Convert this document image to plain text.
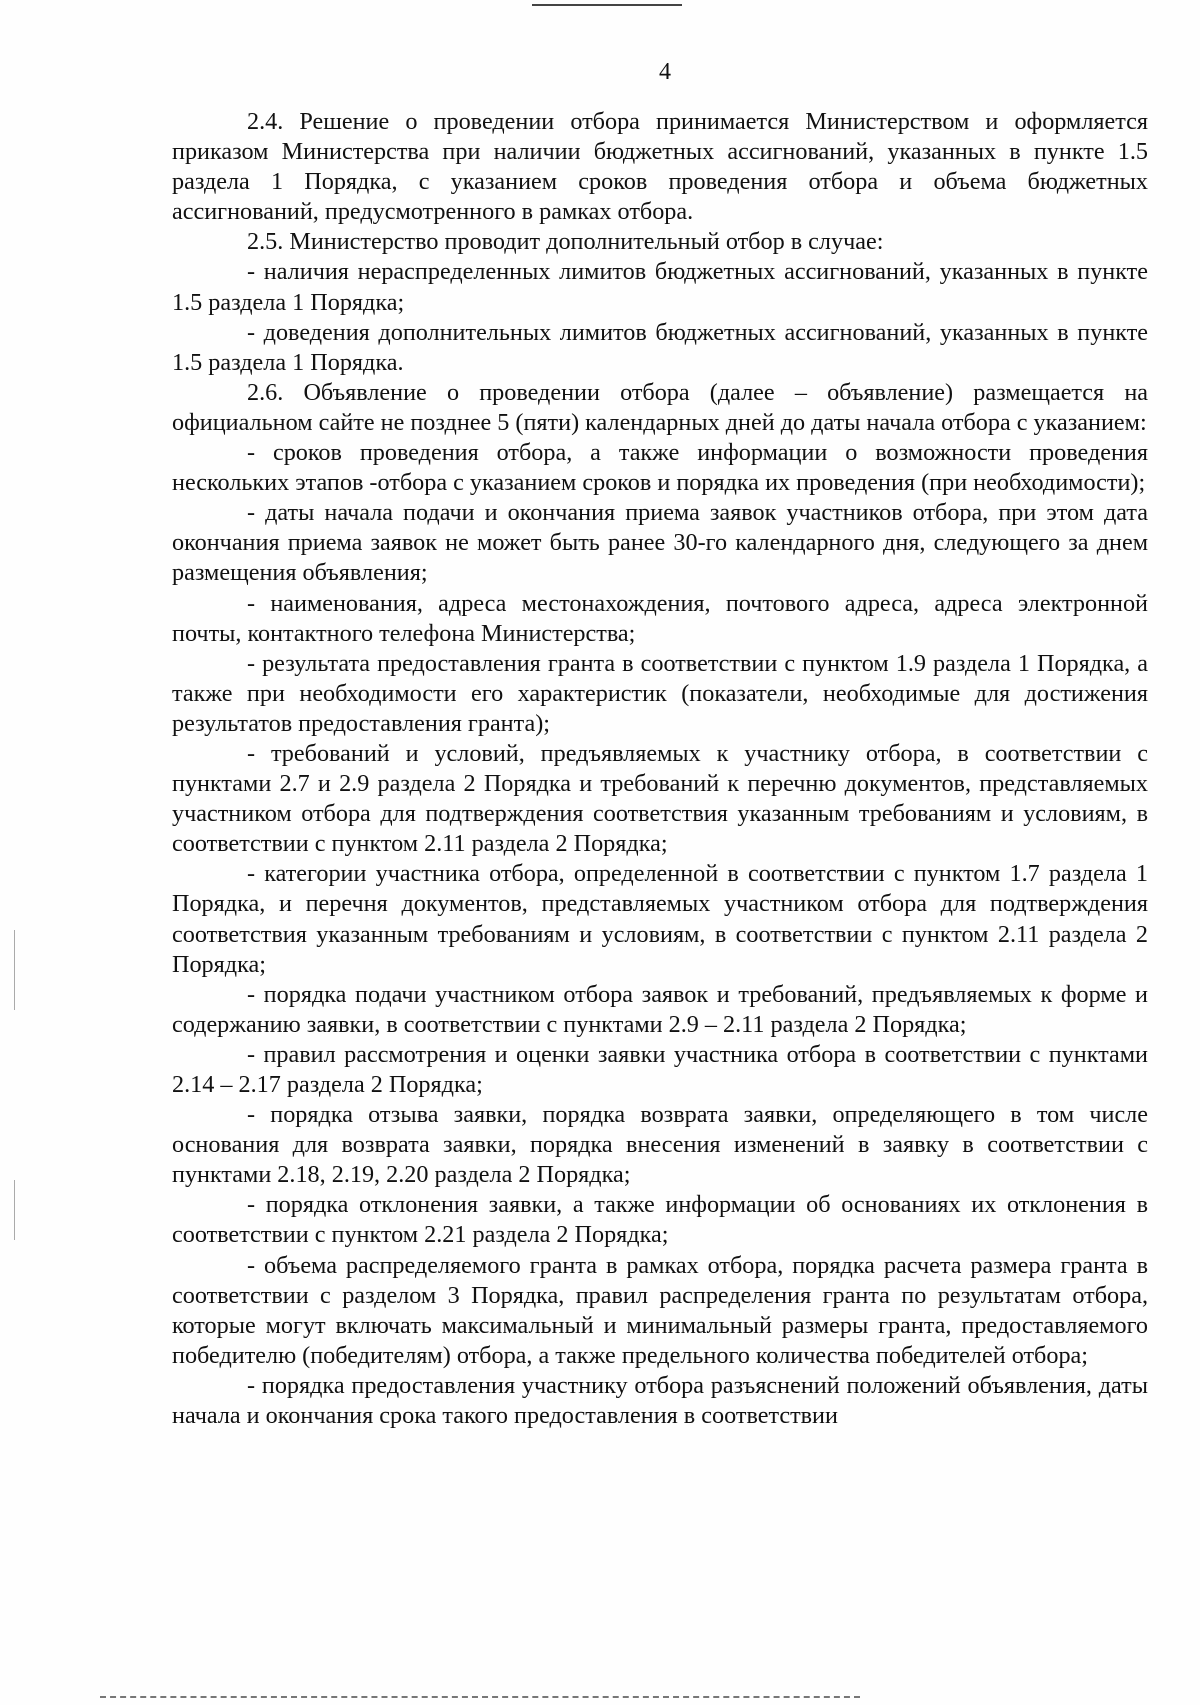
4

2.4. Решение о проведении отбора принимается Министерством и оформляется приказом Министерства при наличии бюджетных ассигнований, указанных в пункте 1.5 раздела 1 Порядка, с указанием сроков проведения отбора и объема бюджетных ассигнований, предусмотренного в рамках отбора.

2.5. Министерство проводит дополнительный отбор в случае:

- наличия нераспределенных лимитов бюджетных ассигнований, указанных в пункте 1.5 раздела 1 Порядка;

- доведения дополнительных лимитов бюджетных ассигнований, указанных в пункте 1.5 раздела 1 Порядка.

2.6. Объявление о проведении отбора (далее – объявление) размещается на официальном сайте не позднее 5 (пяти) календарных дней до даты начала отбора с указанием:

- сроков проведения отбора, а также информации о возможности проведения нескольких этапов ‐отбора с указанием сроков и порядка их проведения (при необходимости);

- даты начала подачи и окончания приема заявок участников отбора, при этом дата окончания приема заявок не может быть ранее 30-го календарного дня, следующего за днем размещения объявления;

- наименования, адреса местонахождения, почтового адреса, адреса электронной почты, контактного телефона Министерства;

- результата предоставления гранта в соответствии с пунктом 1.9 раздела 1 Порядка, а также при необходимости его характеристик (показатели, необходимые для достижения результатов предоставления гранта);

- требований и условий, предъявляемых к участнику отбора, в соответствии с пунктами 2.7 и 2.9 раздела 2 Порядка и требований к перечню документов, представляемых участником отбора для подтверждения соответствия указанным требованиям и условиям, в соответствии с пунктом 2.11 раздела 2 Порядка;

- категории участника отбора, определенной в соответствии с пунктом 1.7 раздела 1 Порядка, и перечня документов, представляемых участником отбора для подтверждения соответствия указанным требованиям и условиям, в соответствии с пунктом 2.11 раздела 2 Порядка;

- порядка подачи участником отбора заявок и требований, предъявляемых к форме и содержанию заявки, в соответствии с пунктами 2.9 – 2.11 раздела 2 Порядка;

- правил рассмотрения и оценки заявки участника отбора в соответствии с пунктами 2.14 – 2.17 раздела 2 Порядка;

- порядка отзыва заявки, порядка возврата заявки, определяющего в том числе основания для возврата заявки, порядка внесения изменений в заявку в соответствии с пунктами 2.18, 2.19, 2.20 раздела 2 Порядка;

- порядка отклонения заявки, а также информации об основаниях их отклонения в соответствии с пунктом 2.21 раздела 2 Порядка;

- объема распределяемого гранта в рамках отбора, порядка расчета размера гранта в соответствии с разделом 3 Порядка, правил распределения гранта по результатам отбора, которые могут включать максимальный и минимальный размеры гранта, предоставляемого победителю (победителям) отбора, а также предельного количества победителей отбора;

- порядка предоставления участнику отбора разъяснений положений объявления, даты начала и окончания срока такого предоставления в соответствии
